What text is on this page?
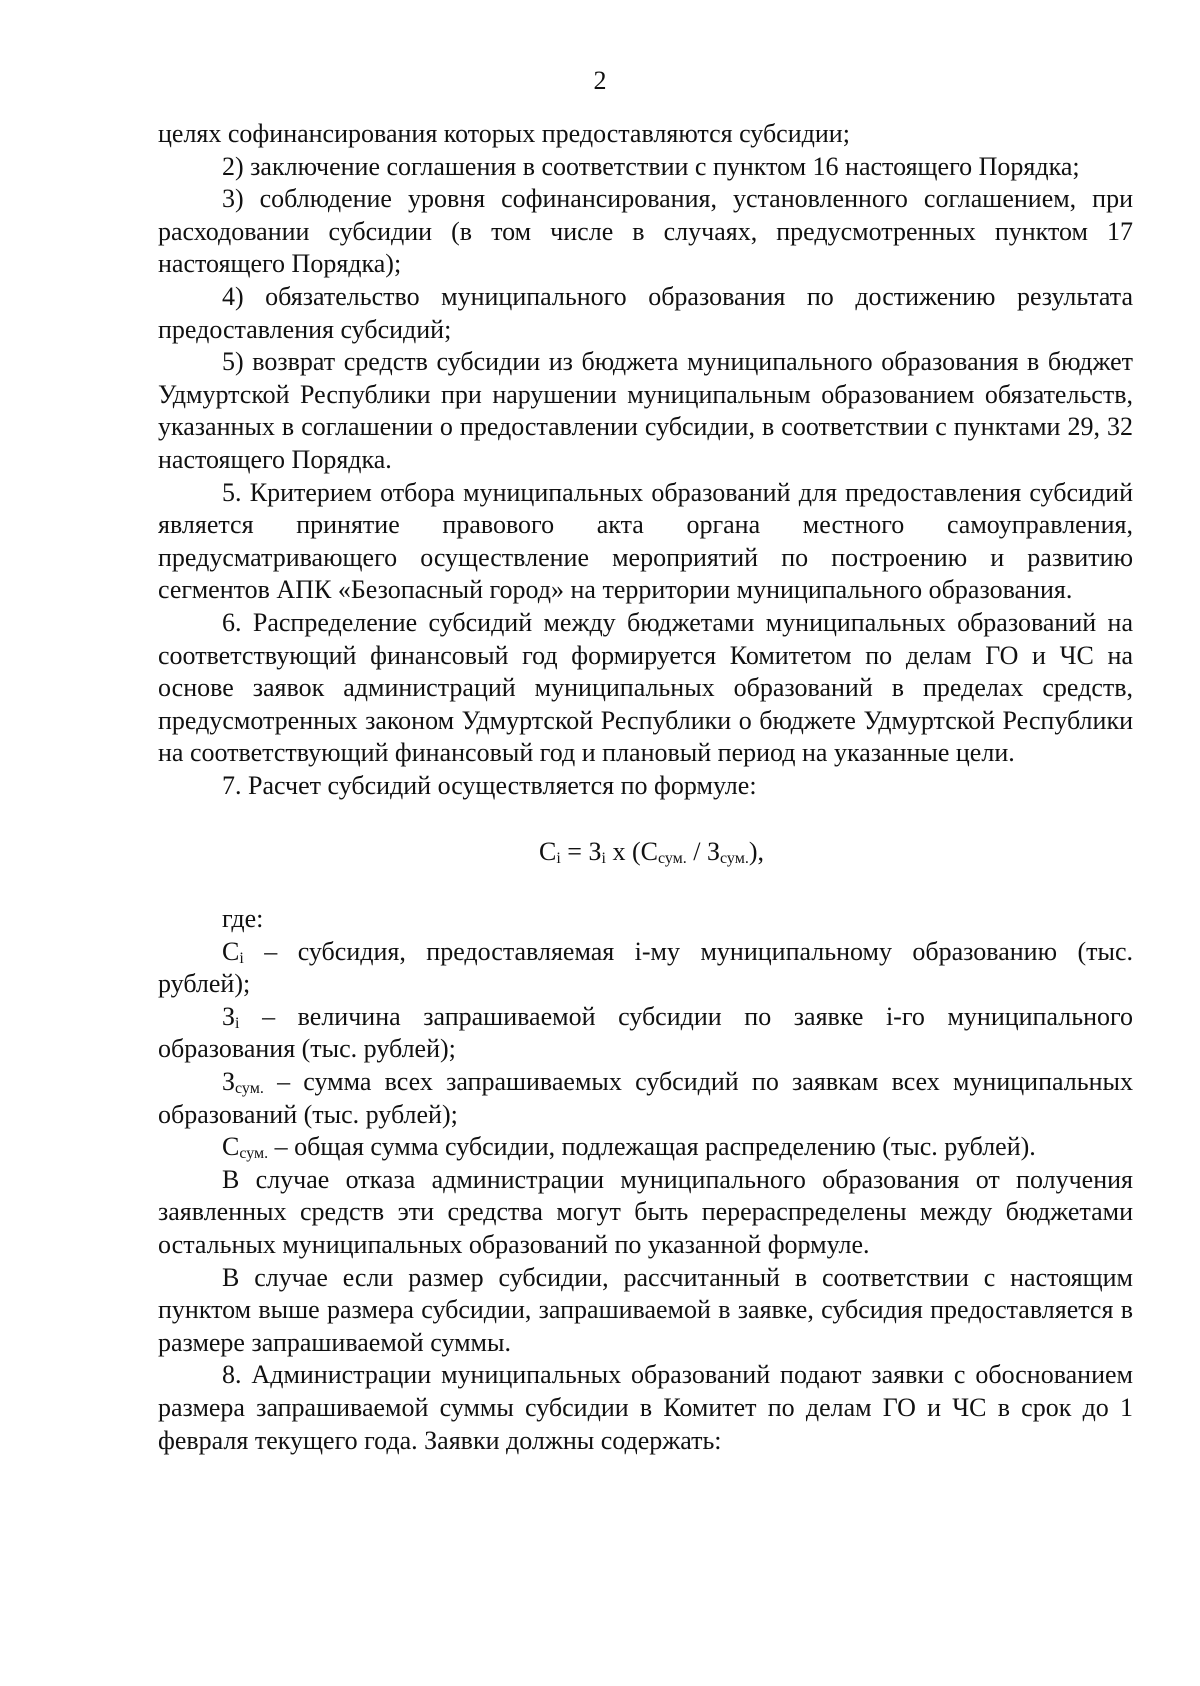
2

целях софинансирования которых предоставляются субсидии;

2) заключение соглашения в соответствии с пунктом 16 настоящего Порядка;

3) соблюдение уровня софинансирования, установленного соглашением, при расходовании субсидии (в том числе в случаях, предусмотренных пунктом 17 настоящего Порядка);

4) обязательство муниципального образования по достижению результата предоставления субсидий;

5) возврат средств субсидии из бюджета муниципального образования в бюджет Удмуртской Республики при нарушении муниципальным образованием обязательств, указанных в соглашении о предоставлении субсидии, в соответствии с пунктами 29, 32 настоящего Порядка.

5. Критерием отбора муниципальных образований для предоставления субсидий является принятие правового акта органа местного самоуправления, предусматривающего осуществление мероприятий по построению и развитию сегментов АПК «Безопасный город» на территории муниципального образования.

6. Распределение субсидий между бюджетами муниципальных образований на соответствующий финансовый год формируется Комитетом по делам ГО и ЧС на основе заявок администраций муниципальных образований в пределах средств, предусмотренных законом Удмуртской Республики о бюджете Удмуртской Республики на соответствующий финансовый год и плановый период на указанные цели.

7. Расчет субсидий осуществляется по формуле:

$C_i = З_i$ x $(C_{сум.} / З_{сум.})$,

где:

$C_i$ – субсидия, предоставляемая i-му муниципальному образованию (тыс. рублей);

$З_i$ – величина запрашиваемой субсидии по заявке i-го муниципального образования (тыс. рублей);

$З_{сум.}$ – сумма всех запрашиваемых субсидий по заявкам всех муниципальных образований (тыс. рублей);

$C_{сум.}$ – общая сумма субсидии, подлежащая распределению (тыс. рублей).

В случае отказа администрации муниципального образования от получения заявленных средств эти средства могут быть перераспределены между бюджетами остальных муниципальных образований по указанной формуле.

В случае если размер субсидии, рассчитанный в соответствии с настоящим пунктом выше размера субсидии, запрашиваемой в заявке, субсидия предоставляется в размере запрашиваемой суммы.

8. Администрации муниципальных образований подают заявки с обоснованием размера запрашиваемой суммы субсидии в Комитет по делам ГО и ЧС в срок до 1 февраля текущего года. Заявки должны содержать:
